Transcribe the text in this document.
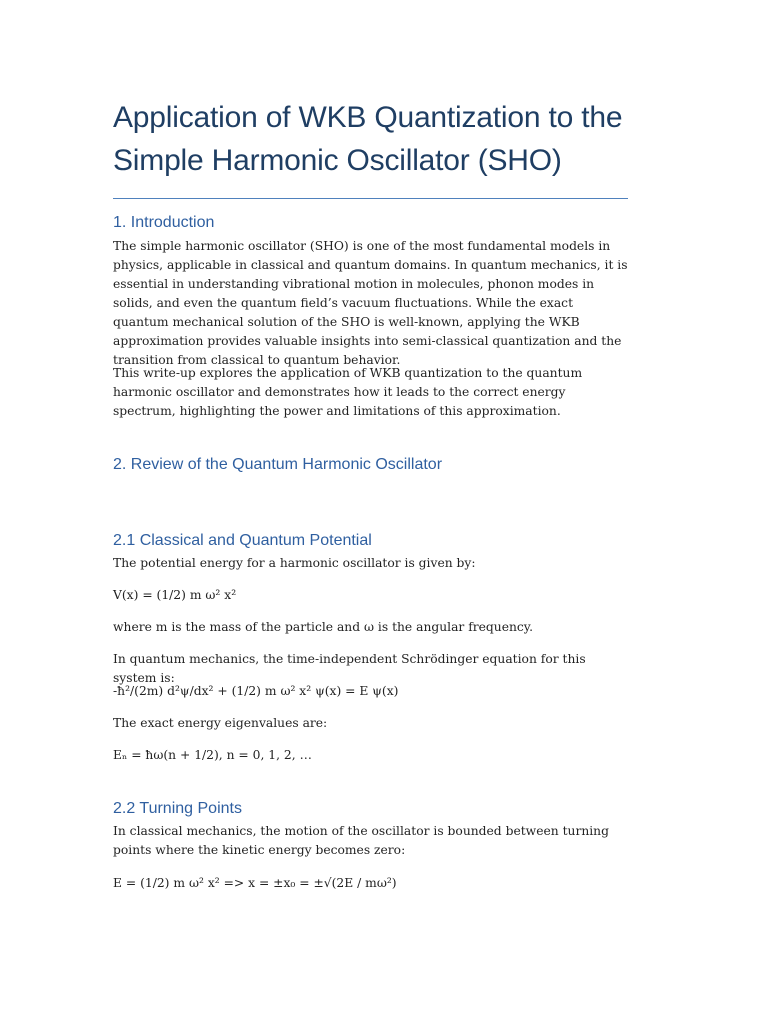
Application of WKB Quantization to the
Simple Harmonic Oscillator (SHO)
1. Introduction

The simple harmonic oscillator (SHO) is one of the most fundamental models in physics, applicable in classical and quantum domains. In quantum mechanics, it is essential in understanding vibrational motion in molecules, phonon modes in solids, and even the quantum field’s vacuum fluctuations. While the exact quantum mechanical solution of the SHO is well-known, applying the WKB approximation provides valuable insights into semi-classical quantization and the transition from classical to quantum behavior.

This write-up explores the application of WKB quantization to the quantum harmonic oscillator and demonstrates how it leads to the correct energy spectrum, highlighting the power and limitations of this approximation.

2. Review of the Quantum Harmonic Oscillator
2.1 Classical and Quantum Potential

The potential energy for a harmonic oscillator is given by:

V(x) = (1/2) m ω² x²

where m is the mass of the particle and ω is the angular frequency.

In quantum mechanics, the time-independent Schrödinger equation for this system is:

-ħ²/(2m) d²ψ/dx² + (1/2) m ω² x² ψ(x) = E ψ(x)

The exact energy eigenvalues are:

Eₙ = ħω(n + 1/2), n = 0, 1, 2, …

2.2 Turning Points

In classical mechanics, the motion of the oscillator is bounded between turning points where the kinetic energy becomes zero:

E = (1/2) m ω² x² => x = ±x₀ = ±√(2E / mω²)
